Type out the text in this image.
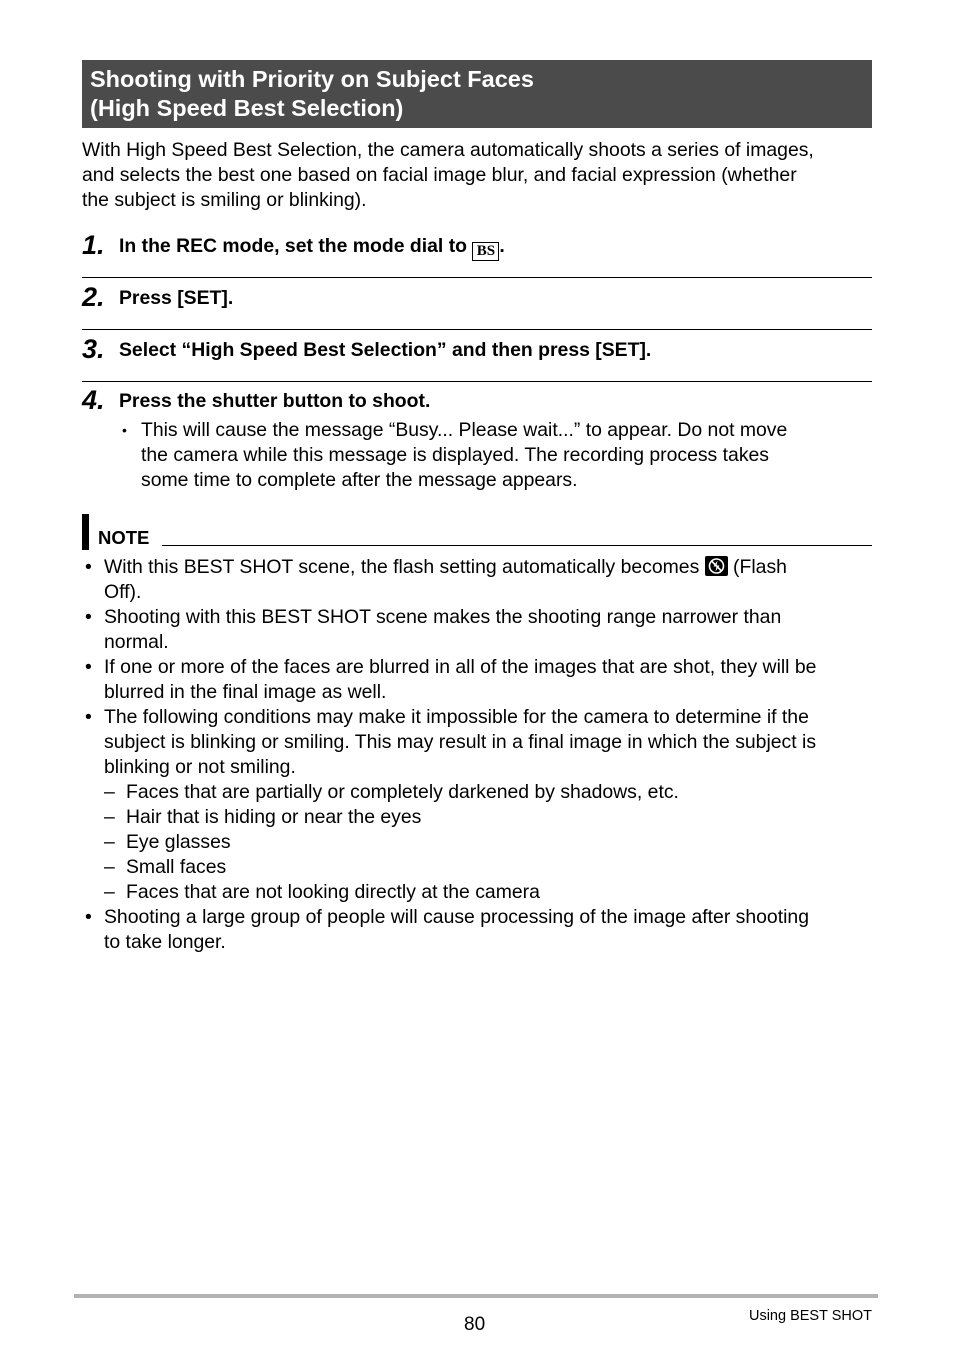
Shooting with Priority on Subject Faces
(High Speed Best Selection)
With High Speed Best Selection, the camera automatically shoots a series of images,
and selects the best one based on facial image blur, and facial expression (whether
the subject is smiling or blinking).
1. In the REC mode, set the mode dial to BS .
2. Press [SET].
3. Select “High Speed Best Selection” and then press [SET].
4. Press the shutter button to shoot.
• This will cause the message “Busy... Please wait...” to appear. Do not move
the camera while this message is displayed. The recording process takes
some time to complete after the message appears.
NOTE
• With this BEST SHOT scene, the flash setting automatically becomes
(Flash
Off).
• Shooting with this BEST SHOT scene makes the shooting range narrower than
normal.
• If one or more of the faces are blurred in all of the images that are shot, they will be
blurred in the final image as well.
• The following conditions may make it impossible for the camera to determine if the
subject is blinking or smiling. This may result in a final image in which the subject is
blinking or not smiling.
– Faces that are partially or completely darkened by shadows, etc.
– Hair that is hiding or near the eyes
– Eye glasses
– Small faces
– Faces that are not looking directly at the camera
• Shooting a large group of people will cause processing of the image after shooting
to take longer.
80	Using BEST SHOT
